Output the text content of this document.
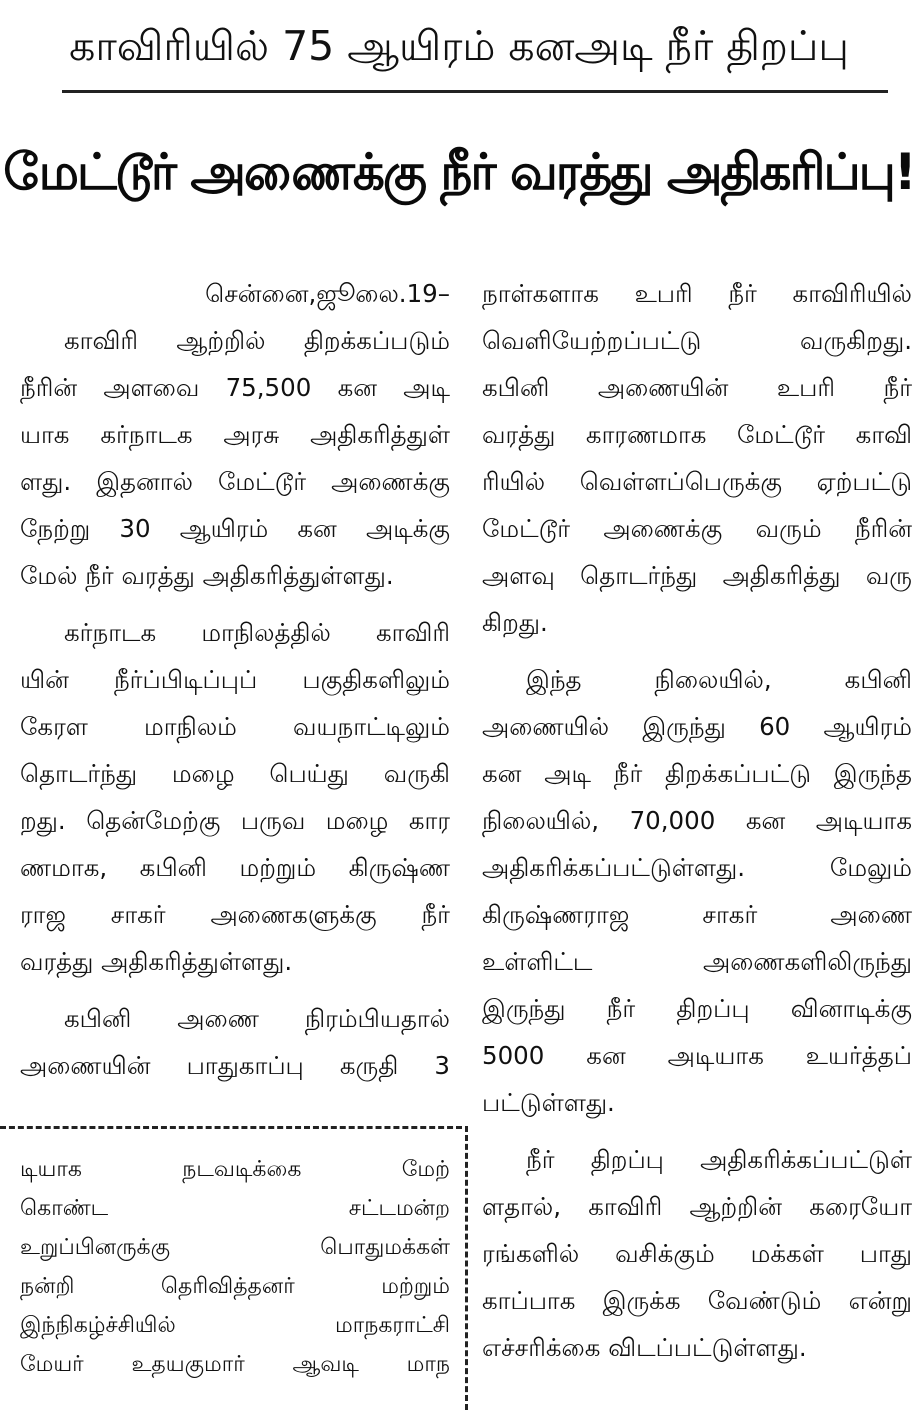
காவிரியில் 75 ஆயிரம் கனஅடி நீர் திறப்பு
மேட்டூர் அணைக்கு நீர் வரத்து அதிகரிப்பு!
சென்னை,ஜூலை.19–
காவிரி ஆற்றில் திறக்கப்படும்
நீரின் அளவை 75,500 கன அடி
யாக கர்நாடக அரசு அதிகரித்துள்
ளது. இதனால் மேட்டூர் அணைக்கு
நேற்று 30 ஆயிரம் கன அடிக்கு
மேல் நீர் வரத்து அதிகரித்துள்ளது.
கர்நாடக மாநிலத்தில் காவிரி
யின் நீர்ப்பிடிப்புப் பகுதிகளிலும்
கேரள மாநிலம் வயநாட்டிலும்
தொடர்ந்து மழை பெய்து வருகி
றது. தென்மேற்கு பருவ மழை கார
ணமாக, கபினி மற்றும் கிருஷ்ண
ராஜ சாகர் அணைகளுக்கு நீர்
வரத்து அதிகரித்துள்ளது.
கபினி அணை நிரம்பியதால்
அணையின் பாதுகாப்பு கருதி 3
நாள்களாக உபரி நீர் காவிரியில்
வெளியேற்றப்பட்டு வருகிறது.
கபினி அணையின் உபரி நீர்
வரத்து காரணமாக மேட்டூர் காவி
ரியில் வெள்ளப்பெருக்கு ஏற்பட்டு
மேட்டூர் அணைக்கு வரும் நீரின்
அளவு தொடர்ந்து அதிகரித்து வரு
கிறது.
இந்த நிலையில், கபினி
அணையில் இருந்து 60 ஆயிரம்
கன அடி நீர் திறக்கப்பட்டு இருந்த
நிலையில், 70,000 கன அடியாக
அதிகரிக்கப்பட்டுள்ளது. மேலும்
கிருஷ்ணராஜ சாகர் அணை
உள்ளிட்ட அணைகளிலிருந்து
இருந்து நீர் திறப்பு வினாடிக்கு
5000 கன அடியாக உயர்த்தப்
பட்டுள்ளது.
நீர் திறப்பு அதிகரிக்கப்பட்டுள்
ளதால், காவிரி ஆற்றின் கரையோ
ரங்களில் வசிக்கும் மக்கள் பாது
காப்பாக இருக்க வேண்டும் என்று
எச்சரிக்கை விடப்பட்டுள்ளது.
டியாக நடவடிக்கை மேற்
கொண்ட சட்டமன்ற
உறுப்பினருக்கு பொதுமக்கள்
நன்றி தெரிவித்தனர் மற்றும்
இந்நிகழ்ச்சியில் மாநகராட்சி
மேயர் உதயகுமார் ஆவடி மாந
